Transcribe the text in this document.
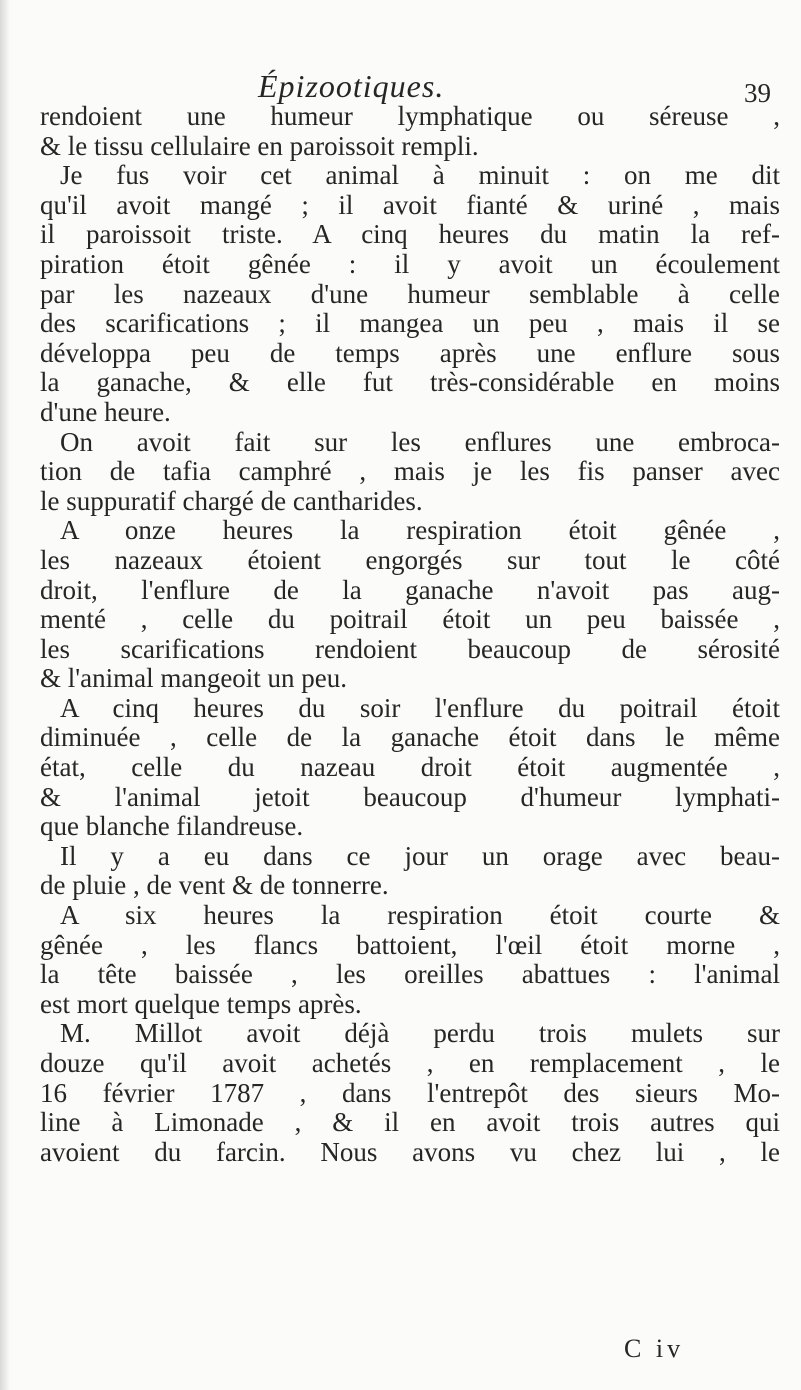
Épizootiques.	39
rendoient une humeur lymphatique ou séreuse ,
& le tissu cellulaire en paroissoit rempli.
Je fus voir cet animal à minuit : on me dit
qu'il avoit mangé ; il avoit fianté & uriné , mais
il paroissoit triste. A cinq heures du matin la ref-
piration étoit gênée : il y avoit un écoulement
par les nazeaux d'une humeur semblable à celle
des scarifications ; il mangea un peu , mais il se
développa peu de temps après une enflure sous
la ganache, & elle fut très-considérable en moins
d'une heure.
On avoit fait sur les enflures une embroca-
tion de tafia camphré , mais je les fis panser avec
le suppuratif chargé de cantharides.
A onze heures la respiration étoit gênée ,
les nazeaux étoient engorgés sur tout le côté
droit, l'enflure de la ganache n'avoit pas aug-
menté , celle du poitrail étoit un peu baissée ,
les scarifications rendoient beaucoup de sérosité
& l'animal mangeoit un peu.
A cinq heures du soir l'enflure du poitrail étoit
diminuée , celle de la ganache étoit dans le même
état, celle du nazeau droit étoit augmentée ,
& l'animal jetoit beaucoup d'humeur lymphati-
que blanche filandreuse.
Il y a eu dans ce jour un orage avec beau-
de pluie , de vent & de tonnerre.
A six heures la respiration étoit courte &
gênée , les flancs battoient, l'œil étoit morne ,
la tête baissée , les oreilles abattues : l'animal
est mort quelque temps après.
M. Millot avoit déjà perdu trois mulets sur
douze qu'il avoit achetés , en remplacement , le
16 février 1787 , dans l'entrepôt des sieurs Mo-
line à Limonade , & il en avoit trois autres qui
avoient du farcin. Nous avons vu chez lui , le
C iv
